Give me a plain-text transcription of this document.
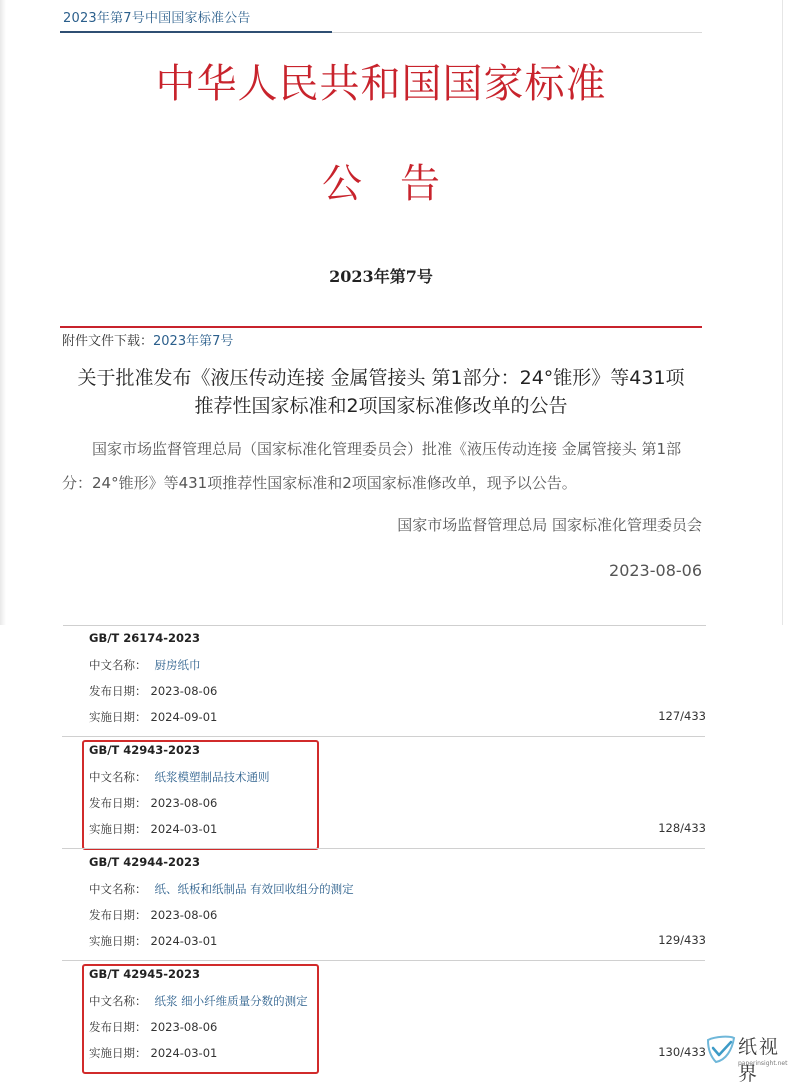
2023年第7号中国国家标准公告
中华人民共和国国家标准
公告
2023年第7号
附件文件下载：2023年第7号
关于批准发布《液压传动连接 金属管接头 第1部分：24°锥形》等431项
推荐性国家标准和2项国家标准修改单的公告
国家市场监督管理总局（国家标准化管理委员会）批准《液压传动连接 金属管接头 第1部分：24°锥形》等431项推荐性国家标准和2项国家标准修改单，现予以公告。
国家市场监督管理总局 国家标准化管理委员会
2023-08-06
GB/T 26174-2023
中文名称： 厨房纸巾
发布日期： 2023-08-06
实施日期： 2024-09-01	127/433
GB/T 42943-2023
中文名称： 纸浆模塑制品技术通则
发布日期： 2023-08-06
实施日期： 2024-03-01	128/433
GB/T 42944-2023
中文名称： 纸、纸板和纸制品 有效回收组分的测定
发布日期： 2023-08-06
实施日期： 2024-03-01	129/433
GB/T 42945-2023
中文名称： 纸浆 细小纤维质量分数的测定
发布日期： 2023-08-06
实施日期： 2024-03-01	130/433 纸视界
paperinsight.net
